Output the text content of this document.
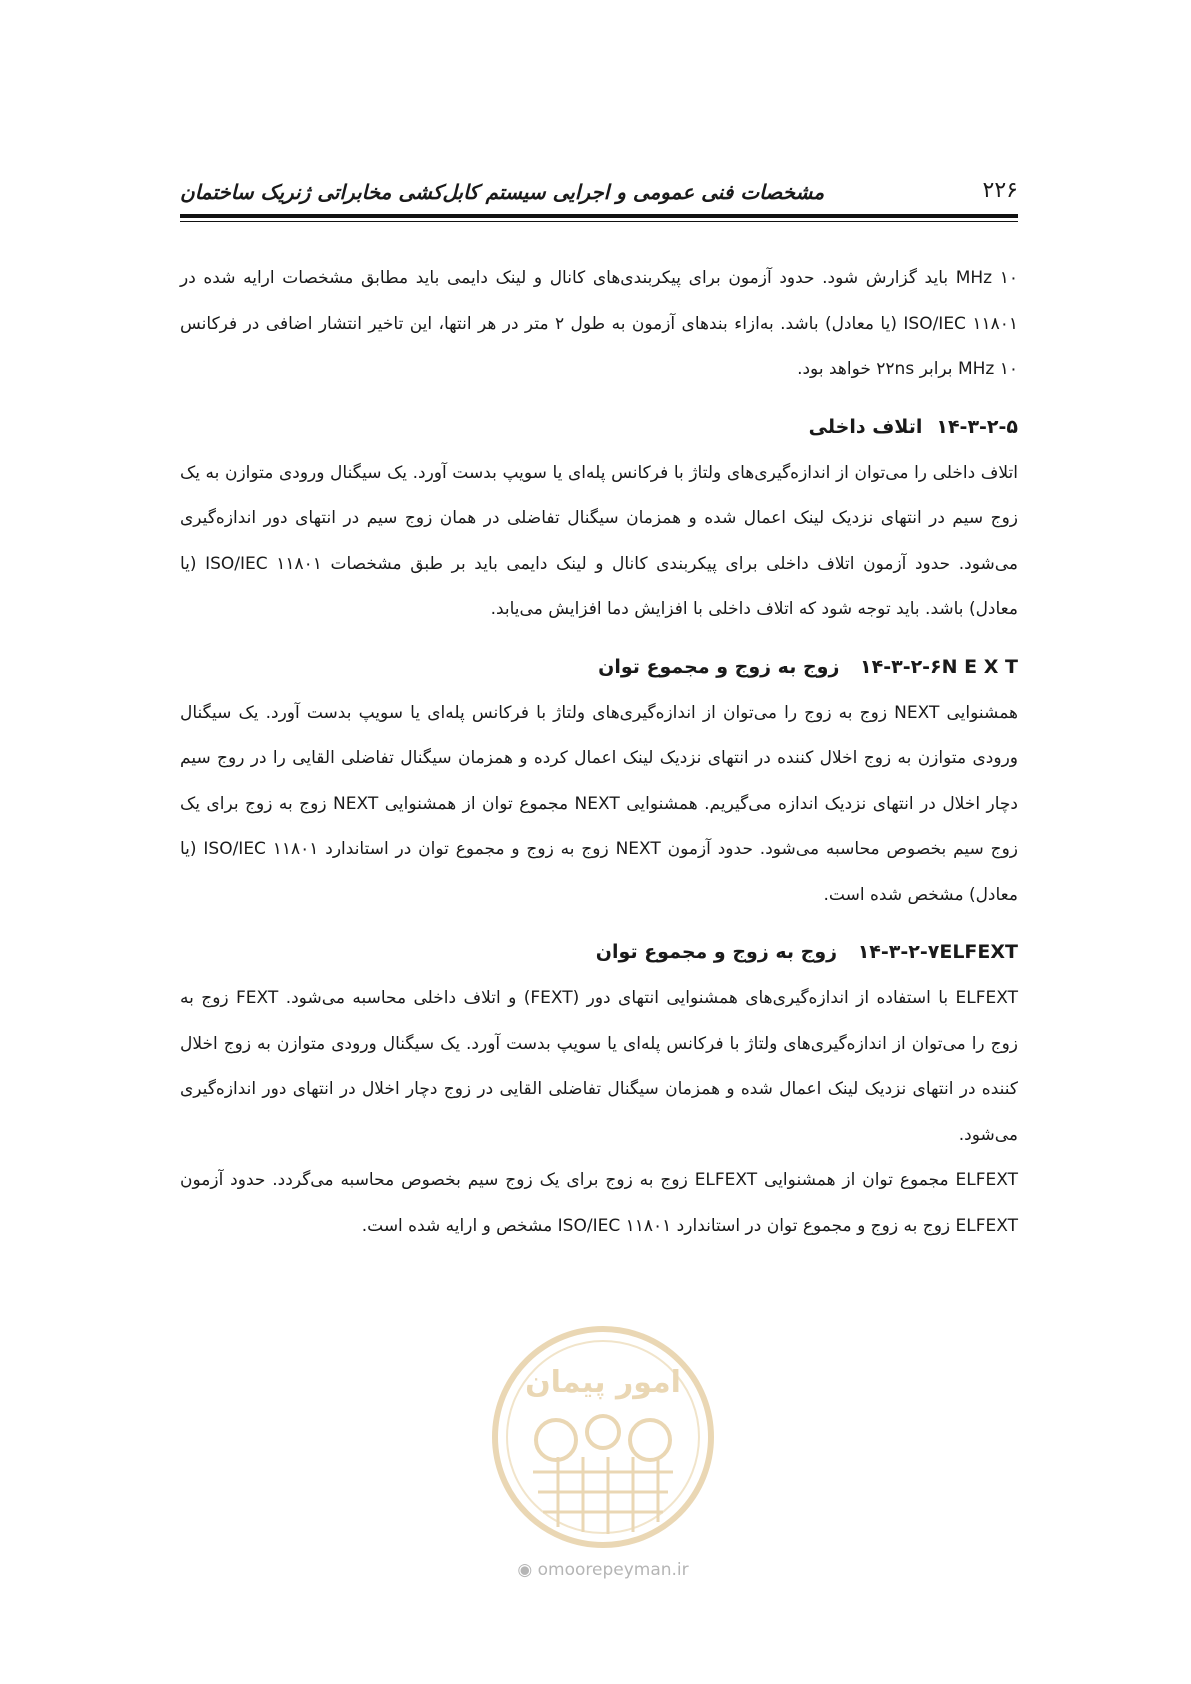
۲۲۶
مشخصات فنی عمومی و اجرایی سیستم کابل‌کشی مخابراتی ژنریک ساختمان

۱۰ MHz باید گزارش شود. حدود آزمون برای پیکربندی‌های کانال و لینک دایمی باید مطابق مشخصات ارایه شده در ۱۱۸۰۱ ISO/IEC (یا معادل) باشد. به‌ازاء بندهای آزمون به طول ۲ متر در هر انتها، این تاخیر انتشار اضافی در فرکانس ۱۰ MHz برابر ۲۲ns خواهد بود.

۱۴-۳-۲-۵اتلاف داخلی

اتلاف داخلی را می‌توان از اندازه‌گیری‌های ولتاژ با فرکانس پله‌ای یا سویپ بدست آورد. یک سیگنال ورودی متوازن به یک زوج سیم در انتهای نزدیک لینک اعمال شده و همزمان سیگنال تفاضلی در همان زوج سیم در انتهای دور اندازه‌گیری می‌شود. حدود آزمون اتلاف داخلی برای پیکربندی کانال و لینک دایمی باید بر طبق مشخصات ۱۱۸۰۱ ISO/IEC (یا معادل) باشد. باید توجه شود که اتلاف داخلی با افزایش دما افزایش می‌یابد.

۱۴-۳-۲-۶N E X T زوج به زوج و مجموع توان

همشنوایی NEXT زوج به زوج را می‌توان از اندازه‌گیری‌های ولتاژ با فرکانس پله‌ای یا سویپ بدست آورد. یک سیگنال ورودی متوازن به زوج اخلال کننده در انتهای نزدیک لینک اعمال کرده و همزمان سیگنال تفاضلی القایی را در روج سیم دچار اخلال در انتهای نزدیک اندازه می‌گیریم. همشنوایی NEXT مجموع توان از همشنوایی NEXT زوج به زوج برای یک زوج سیم بخصوص محاسبه می‌شود. حدود آزمون NEXT زوج به زوج و مجموع توان در استاندارد ۱۱۸۰۱ ISO/IEC (یا معادل) مشخص شده است.

۱۴-۳-۲-۷ELFEXT زوج به زوج و مجموع توان

ELFEXT با استفاده از اندازه‌گیری‌های همشنوایی انتهای دور (FEXT) و اتلاف داخلی محاسبه می‌شود. FEXT زوج به زوج را می‌توان از اندازه‌گیری‌های ولتاژ با فرکانس پله‌ای یا سویپ بدست آورد. یک سیگنال ورودی متوازن به زوج اخلال کننده در انتهای نزدیک لینک اعمال شده و همزمان سیگنال تفاضلی القایی در زوج دچار اخلال در انتهای دور اندازه‌گیری می‌شود.

ELFEXT مجموع توان از همشنوایی ELFEXT زوج به زوج برای یک زوج سیم بخصوص محاسبه می‌گردد. حدود آزمون ELFEXT زوج به زوج و مجموع توان در استاندارد ۱۱۸۰۱ ISO/IEC مشخص و ارایه شده است.

امور پیمان
◉ omoorepeyman.ir
